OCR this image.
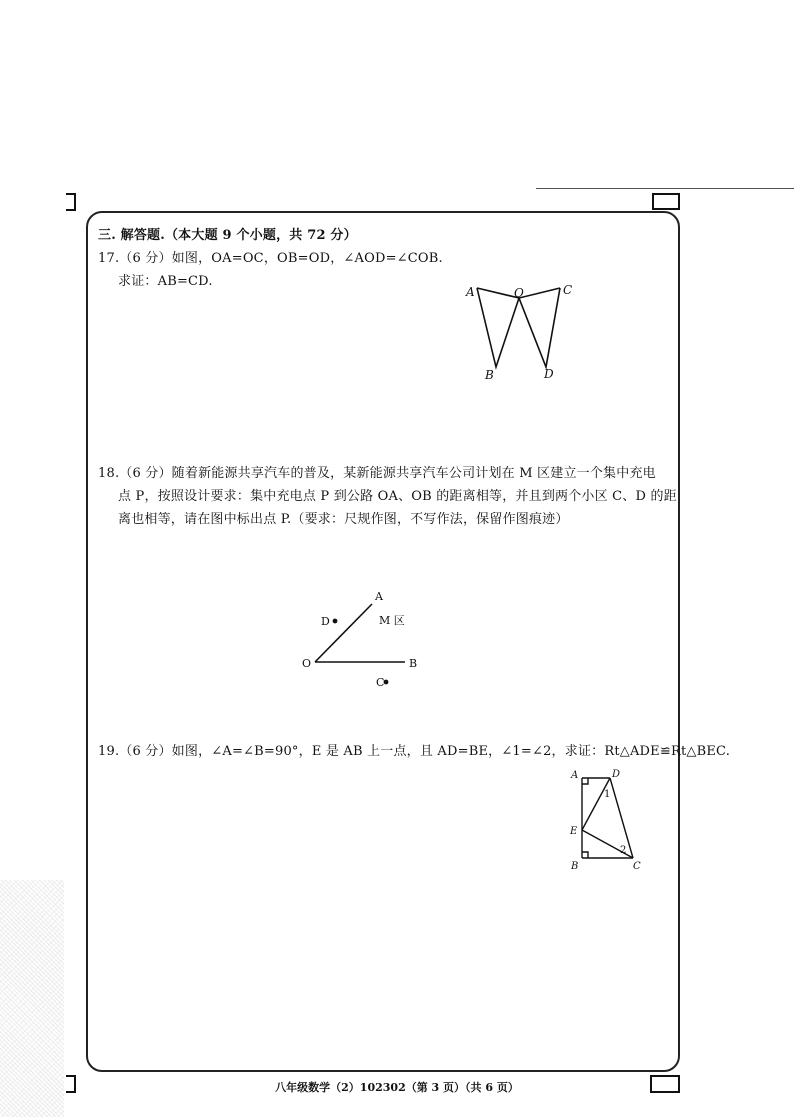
三. 解答题.（本大题 9 个小题，共 72 分）
17.（6 分）如图，OA=OC，OB=OD，∠AOD=∠COB.
求证：AB=CD.
18.（6 分）随着新能源共享汽车的普及，某新能源共享汽车公司计划在 M 区建立一个集中充电
点 P，按照设计要求：集中充电点 P 到公路 OA、OB 的距离相等，并且到两个小区 C、D 的距
离也相等，请在图中标出点 P.（要求：尺规作图，不写作法，保留作图痕迹）
19.（6 分）如图，∠A=∠B=90°，E 是 AB 上一点，且 AD=BE，∠1=∠2，求证：Rt△ADE≌Rt△BEC.
A	O	C
B	D
A
D	M 区
O	B
C
A	D
1
E
2
B	C
八年级数学（2）102302（第 3 页）（共 6 页）
